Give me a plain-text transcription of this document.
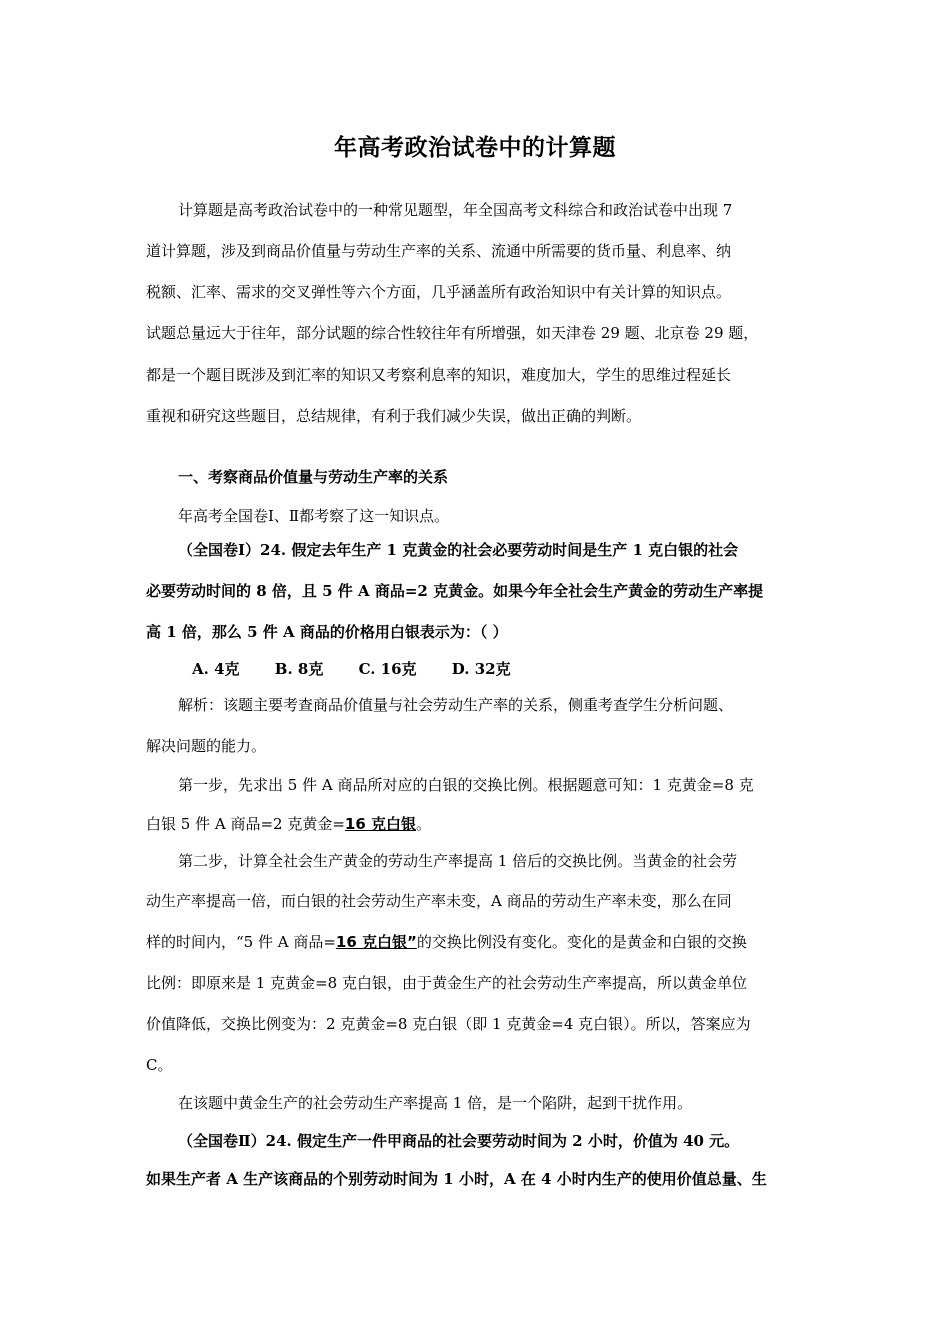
年高考政治试卷中的计算题
计算题是高考政治试卷中的一种常见题型，年全国高考文科综合和政治试卷中出现 7
道计算题，涉及到商品价值量与劳动生产率的关系、流通中所需要的货币量、利息率、纳
税额、汇率、需求的交叉弹性等六个方面，几乎涵盖所有政治知识中有关计算的知识点。
试题总量远大于往年，部分试题的综合性较往年有所增强，如天津卷 29 题、北京卷 29 题，
都是一个题目既涉及到汇率的知识又考察利息率的知识，难度加大，学生的思维过程延长
重视和研究这些题目，总结规律，有利于我们减少失误，做出正确的判断。
一、考察商品价值量与劳动生产率的关系
年高考全国卷Ⅰ、Ⅱ都考察了这一知识点。
（全国卷Ⅰ）24. 假定去年生产 1 克黄金的社会必要劳动时间是生产 1 克白银的社会
必要劳动时间的 8 倍，且 5 件 A 商品=2 克黄金。如果今年全社会生产黄金的劳动生产率提
高 1 倍，那么 5 件 A 商品的价格用白银表示为：（ ）
A. 4克 B. 8克 C. 16克 D. 32克
解析：该题主要考查商品价值量与社会劳动生产率的关系，侧重考查学生分析问题、
解决问题的能力。
第一步，先求出 5 件 A 商品所对应的白银的交换比例。根据题意可知：1 克黄金=8 克
白银 5 件 A 商品=2 克黄金=16 克白银。
第二步，计算全社会生产黄金的劳动生产率提高 1 倍后的交换比例。当黄金的社会劳
动生产率提高一倍，而白银的社会劳动生产率未变，A 商品的劳动生产率未变，那么在同
样的时间内，“5 件 A 商品=16 克白银”的交换比例没有变化。变化的是黄金和白银的交换
比例：即原来是 1 克黄金=8 克白银，由于黄金生产的社会劳动生产率提高，所以黄金单位
价值降低，交换比例变为：2 克黄金=8 克白银（即 1 克黄金=4 克白银）。所以，答案应为
C。
在该题中黄金生产的社会劳动生产率提高 1 倍，是一个陷阱，起到干扰作用。
（全国卷Ⅱ）24. 假定生产一件甲商品的社会要劳动时间为 2 小时，价值为 40 元。
如果生产者 A 生产该商品的个别劳动时间为 1 小时，A 在 4 小时内生产的使用价值总量、生
